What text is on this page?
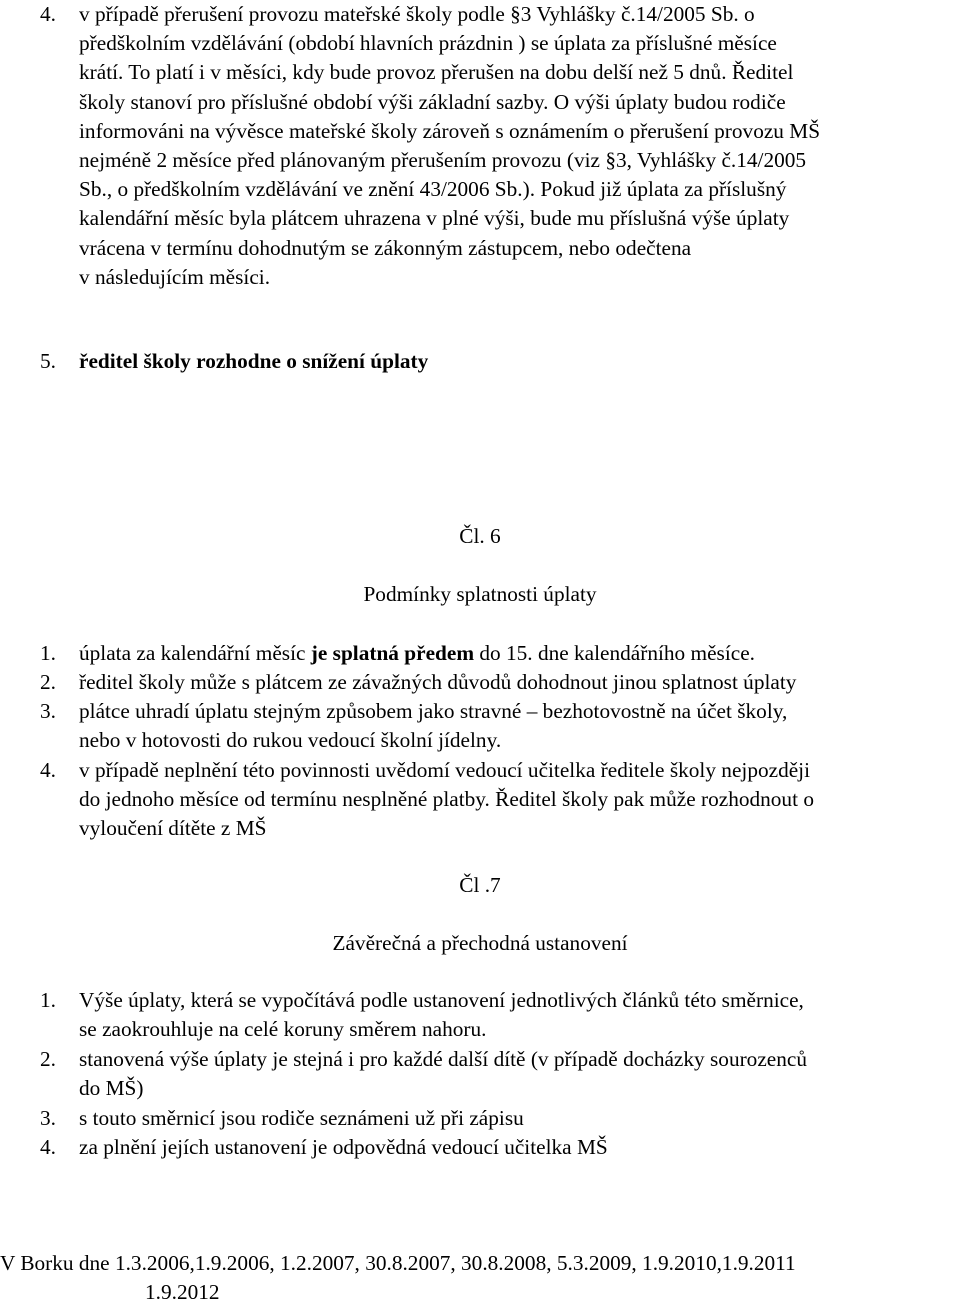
4.	v případě přerušení provozu mateřské školy podle §3 Vyhlášky č.14/2005 Sb. o
předškolním vzdělávání (období hlavních prázdnin ) se úplata za příslušné měsíce
krátí. To platí i v měsíci, kdy bude provoz přerušen na dobu delší než 5 dnů. Ředitel
školy stanoví pro příslušné období výši základní sazby. O výši úplaty budou rodiče
informováni na vývěsce mateřské školy zároveň s oznámením o přerušení provozu MŠ
nejméně 2 měsíce před plánovaným přerušením provozu (viz §3, Vyhlášky č.14/2005
Sb., o předškolním vzdělávání ve znění 43/2006 Sb.). Pokud již úplata za příslušný
kalendářní měsíc byla plátcem uhrazena v plné výši, bude mu příslušná výše úplaty
vrácena v termínu dohodnutým se zákonným zástupcem, nebo odečtena
v následujícím měsíci.
5.	ředitel školy rozhodne o snížení úplaty
Čl. 6
Podmínky splatnosti úplaty
1.	úplata za kalendářní měsíc je splatná předem do 15. dne kalendářního měsíce.
2.	ředitel školy může s plátcem ze závažných důvodů dohodnout jinou splatnost úplaty
3.	plátce uhradí úplatu stejným způsobem jako stravné – bezhotovostně na účet školy,
nebo v hotovosti do rukou vedoucí školní jídelny.
4.	v případě neplnění této povinnosti uvědomí vedoucí učitelka ředitele školy nejpozději
do jednoho měsíce od termínu nesplněné platby. Ředitel školy pak může rozhodnout o
vyloučení dítěte z MŠ
Čl .7
Závěrečná a přechodná ustanovení
1.	Výše úplaty, která se vypočítává podle ustanovení jednotlivých článků této směrnice,
se zaokrouhluje na celé koruny směrem nahoru.
2.	stanovená výše úplaty je stejná i pro každé další dítě (v případě docházky sourozenců
do MŠ)
3.	s touto směrnicí jsou rodiče seznámeni už při zápisu
4.	za plnění jejích ustanovení je odpovědná vedoucí učitelka MŠ
V Borku dne 1.3.2006,1.9.2006, 1.2.2007, 30.8.2007, 30.8.2008, 5.3.2009, 1.9.2010,1.9.2011
1.9.2012
